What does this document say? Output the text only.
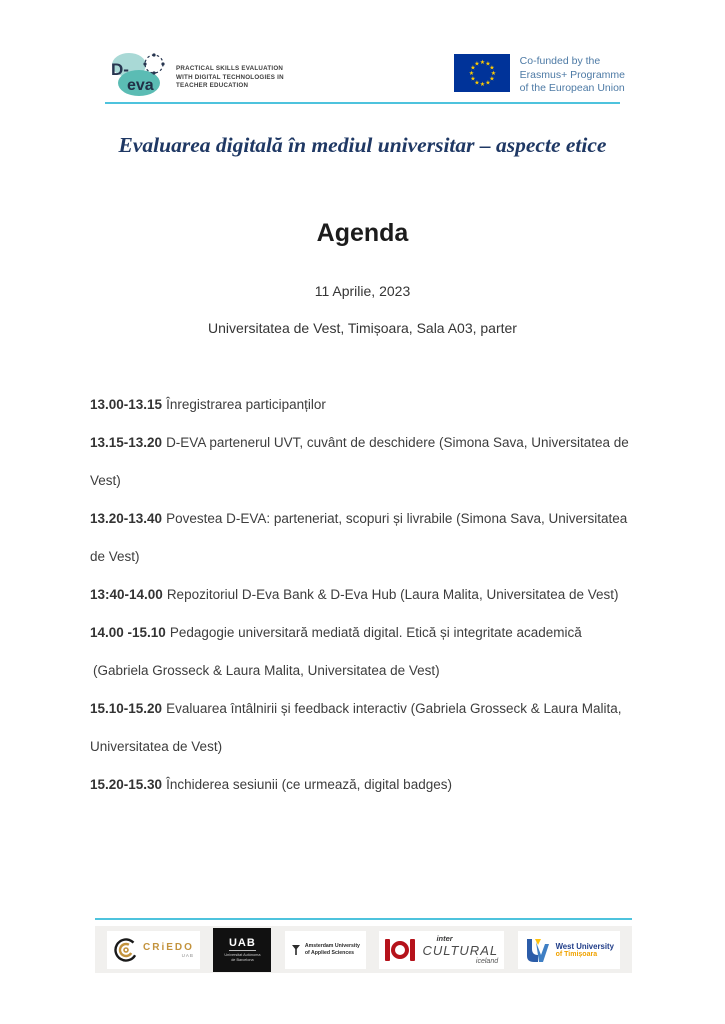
D-
eva
PRACTICAL SKILLS EVALUATION
WITH DIGITAL TECHNOLOGIES IN
TEACHER EDUCATION
★
★
★
★
★
★
★
★
★ ★ ★
★
Co-funded by the
Erasmus+ Programme
of the European Union
Evaluarea digitală în mediul universitar – aspecte etice
Agenda
11 Aprilie, 2023
Universitatea de Vest, Timișoara, Sala A03, parter

13.00-13.15 Înregistrarea participanților

13.15-13.20 D-EVA partenerul UVT, cuvânt de deschidere (Simona Sava, Universitatea de Vest)

13.20-13.40 Povestea D-EVA: parteneriat, scopuri și livrabile (Simona Sava, Universitatea de Vest)

13:40-14.00 Repozitoriul D-Eva Bank & D-Eva Hub (Laura Malita, Universitatea de Vest)

14.00 -15.10 Pedagogie universitară mediată digital. Etică și integritate academică
(Gabriela Grosseck & Laura Malita, Universitatea de Vest)

15.10-15.20 Evaluarea întâlnirii și feedback interactiv (Gabriela Grosseck & Laura Malita, Universitatea de Vest)

15.20-15.30 Închiderea sesiunii (ce urmează, digital badges)

CRiEDO
UAB
UAB
Universitat Autònoma
de Barcelona
Amsterdam University
of Applied Sciences
inter
CULTURAL
iceland
West University
of Timișoara
